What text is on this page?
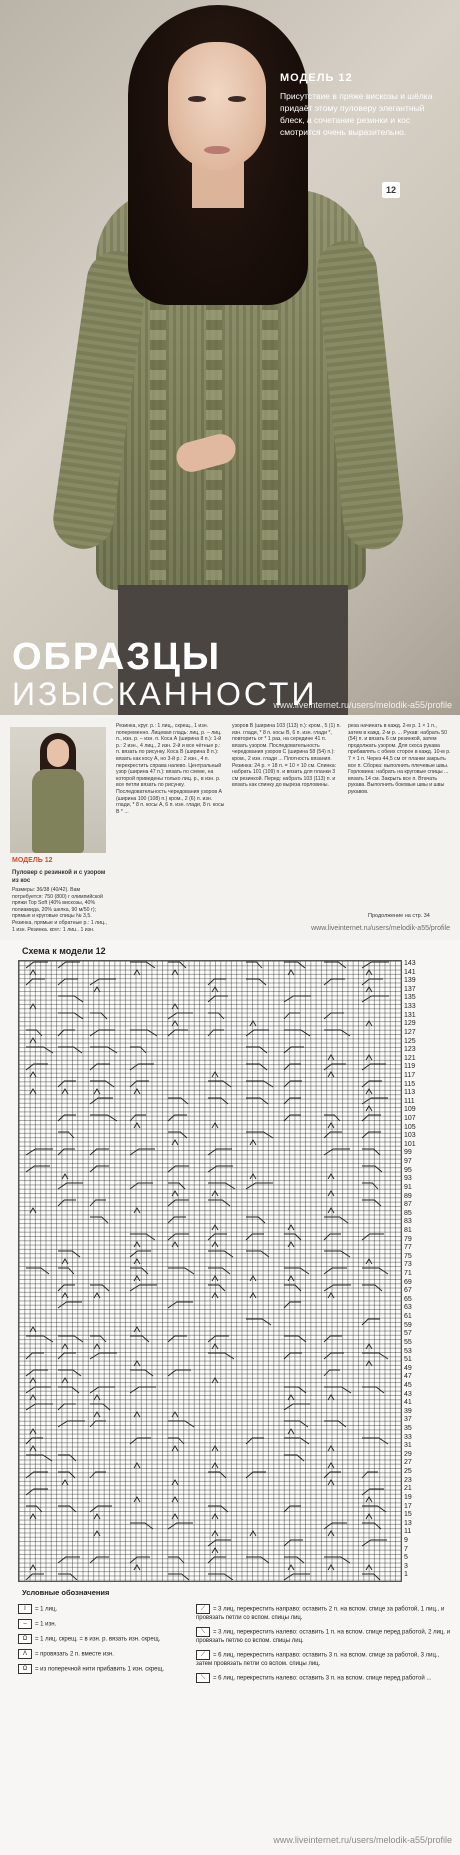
МОДЕЛЬ 12
Присутствие в пряже вискозы и шёлка придаёт этому пуловеру элегантный блеск, а сочетание резинки и кос смотрится очень выразительно.
12
ОБРАЗЦЫ
ИЗЫСКАННОСТИ
www.liveinternet.ru/users/melodik-a55/profile
МОДЕЛЬ 12
Пуловер с резинкой и с узором из кос
Размеры: 36/38 (40/42). Вам потребуется: 750 (800) г олимпийской пряжи Top Soft (40% вискозы, 40% полиамида, 20% шелка, 90 м/50 г); прямые и круговые спицы № 3,5. Резинка, прямые и обратные р.: 1 лиц., 1 изн. Резинка, круг.: 1 лиц., 1 изн.
Резинка, круг. р.: 1 лиц., скрещ., 1 изн. попеременно. Лицевая гладь: лиц. р. – лиц. п., изн. р. – изн. п. Коса А (ширина 8 п.): 1-й р.: 2 изн., 4 лиц., 2 изн. 2-й и все чётные р.: п. вязать по рисунку. Коса В (ширина 8 п.): вязать как косу А, но 3-й р.: 2 изн., 4 п. перекрестить справа налево. Центральный узор (ширина 47 п.): вязать по схеме, на которой приведены только лиц. р., в изн. р. все петли вязать по рисунку. Последовательность чередования узоров А (ширина 100 (108) п.) кром., 2 (6) п. изн. глади, * 8 п. косы А, 6 п. изн. глади, 8 п. косы В * ...
узоров В (ширина 103 (113) п.): кром., 5 (1) п. изн. глади, * 8 п. косы В, 6 п. изн. глади *, повторить от * 1 раз, на середине 41 п. вязать узором. Последовательность чередования узоров С (ширина 58 (54) п.): кром., 2 изн. глади ... Плотность вязания. Резинка: 24 р. × 18 п. = 10 × 10 см. Спинка: набрать 101 (109) п. и вязать для планки 3 см резинкой. Перед: набрать 103 (113) п. и вязать как спинку до выреза горловины.
реза начинать в кажд. 2-м р. 1 × 1 п., затем в кажд. 2-м р. ... Рукав: набрать 50 (54) п. и вязать 6 см резинкой, затем продолжать узором. Для скоса рукава прибавлять с обеих сторон в кажд. 10-м р. 7 × 1 п. Через 44,5 см от планки закрыть все п. Сборка: выполнить плечевые швы. Горловина: набрать на круговые спицы ... вязать 14 см. Закрыть все п. Втачать рукава. Выполнить боковые швы и швы рукавов.
Продолжение на стр. 34
www.liveinternet.ru/users/melodik-a55/profile
Схема к модели 12
143
141
139
137
135
133
131
129
127
125
123
121
119
117
115
113
111
109
107
105
103
101
99
97
95
93
91
89
87
85
83
81
79
77
75
73
71
69
67
65
63
61
59
57
55
53
51
49
47
45
43
41
39
37
35
33
31
29
27
25
23
21
19
17
15
13
11
9
7
5
3
1
Условные обозначения
I = 1 лиц.
– = 1 изн.
Ω = 1 лиц. скрещ. = в изн. р. вязать изн. скрещ.
Λ = провязать 2 п. вместе изн.
Ω = из поперечной нити прибавить 1 изн. скрещ.
⟋ = 3 лиц. перекрестить направо: оставить 2 п. на вспом. спице за работой, 1 лиц., и провязать петли со вспом. спицы лиц.
⟍ = 3 лиц. перекрестить налево: оставить 1 п. на вспом. спице перед работой, 2 лиц. и провязать петлю со вспом. спицы лиц.
⟋ = 6 лиц. перекрестить направо: оставить 3 п. на вспом. спице за работой, 3 лиц., затем провязать петли со вспом. спицы лиц.
⟍ = 6 лиц. перекрестить налево: оставить 3 п. на вспом. спице перед работой ...
www.liveinternet.ru/users/melodik-a55/profile
